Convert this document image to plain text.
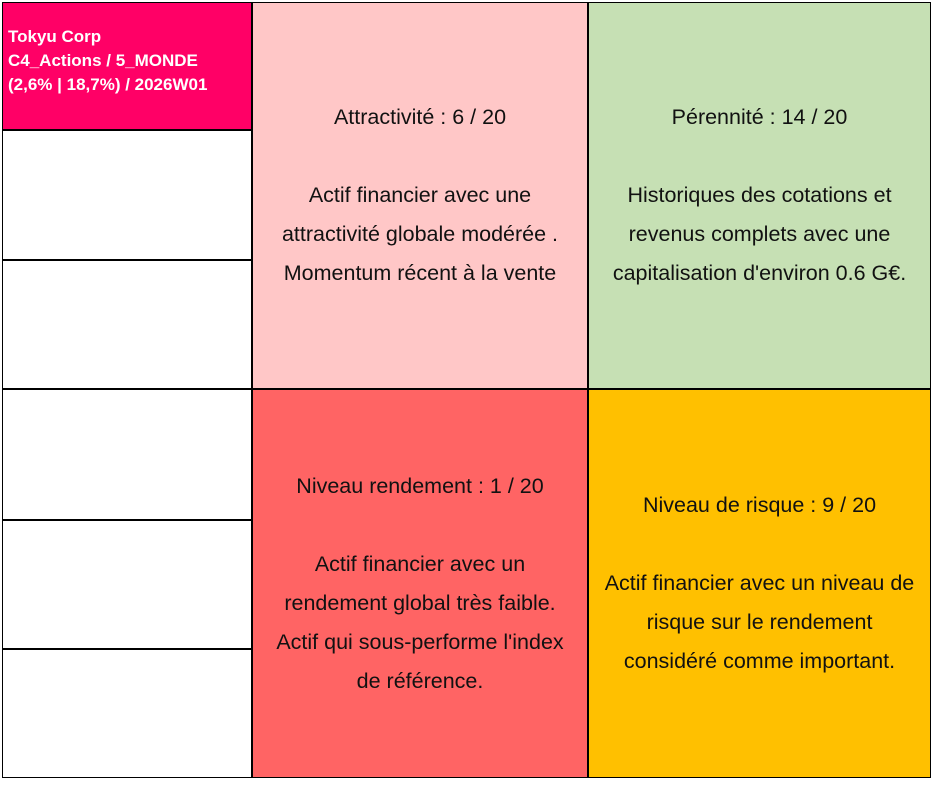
Tokyu Corp
C4_Actions / 5_MONDE
(2,6% | 18,7%) / 2026W01
Attractivité : 6 / 20
Actif financier avec une
attractivité globale modérée .
Momentum récent à la vente
Pérennité : 14 / 20
Historiques des cotations et
revenus complets avec une
capitalisation d'environ 0.6 G€.
Niveau rendement : 1 / 20
Actif financier avec un
rendement global très faible.
Actif qui sous-performe l'index
de référence.
Niveau de risque : 9 / 20
Actif financier avec un niveau de
risque sur le rendement
considéré comme important.
